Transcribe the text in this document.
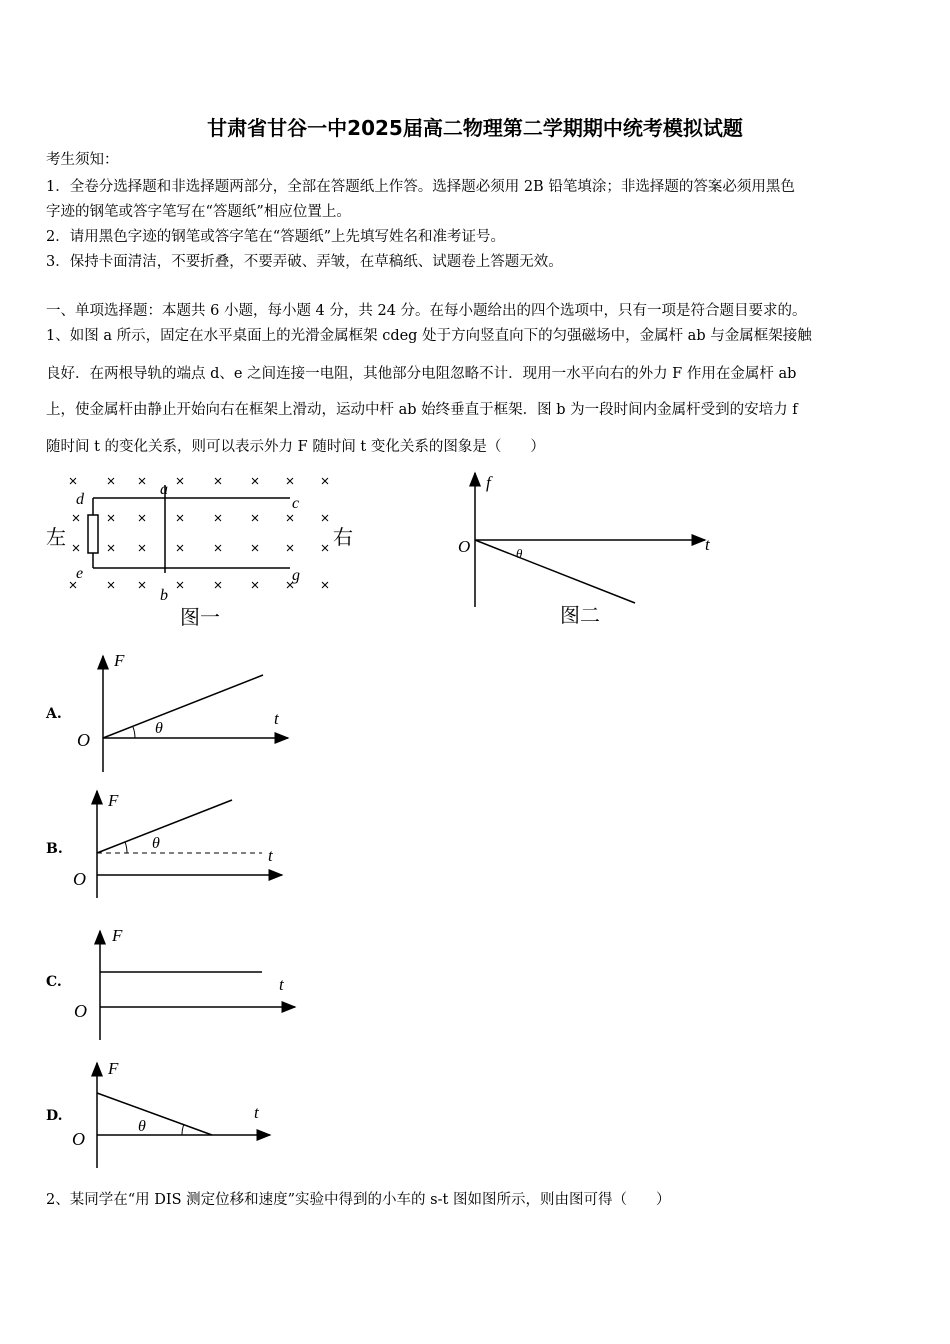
甘肃省甘谷一中2025届高二物理第二学期期中统考模拟试题
考生须知：
1．全卷分选择题和非选择题两部分，全部在答题纸上作答。选择题必须用 2B 铅笔填涂；非选择题的答案必须用黑色
字迹的钢笔或答字笔写在“答题纸”相应位置上。
2．请用黑色字迹的钢笔或答字笔在“答题纸”上先填写姓名和准考证号。
3．保持卡面清洁，不要折叠，不要弄破、弄皱，在草稿纸、试题卷上答题无效。
一、单项选择题：本题共 6 小题，每小题 4 分，共 24 分。在每小题给出的四个选项中，只有一项是符合题目要求的。
1、如图 a 所示，固定在水平桌面上的光滑金属框架 cdeg 处于方向竖直向下的匀强磁场中，金属杆 ab 与金属框架接触
良好．在两根导轨的端点 d、e 之间连接一电阻，其他部分电阻忽略不计．现用一水平向右的外力 F 作用在金属杆 ab
上，使金属杆由静止开始向右在框架上滑动，运动中杆 ab 始终垂直于框架．图 b 为一段时间内金属杆受到的安培力 f
随时间 t 的变化关系，则可以表示外力 F 随时间 t 变化关系的图象是（　　）
A.
B.
C.
D.
2、某同学在“用 DIS 测定位移和速度”实验中得到的小车的 s-t 图如图所示，则由图可得（　　）
d
a
c
e	g
b
左	右
图一
f
O	t
θ
图二
F
O
t
θ
F
O
t
θ
F
O
t
F
O
t
θ
